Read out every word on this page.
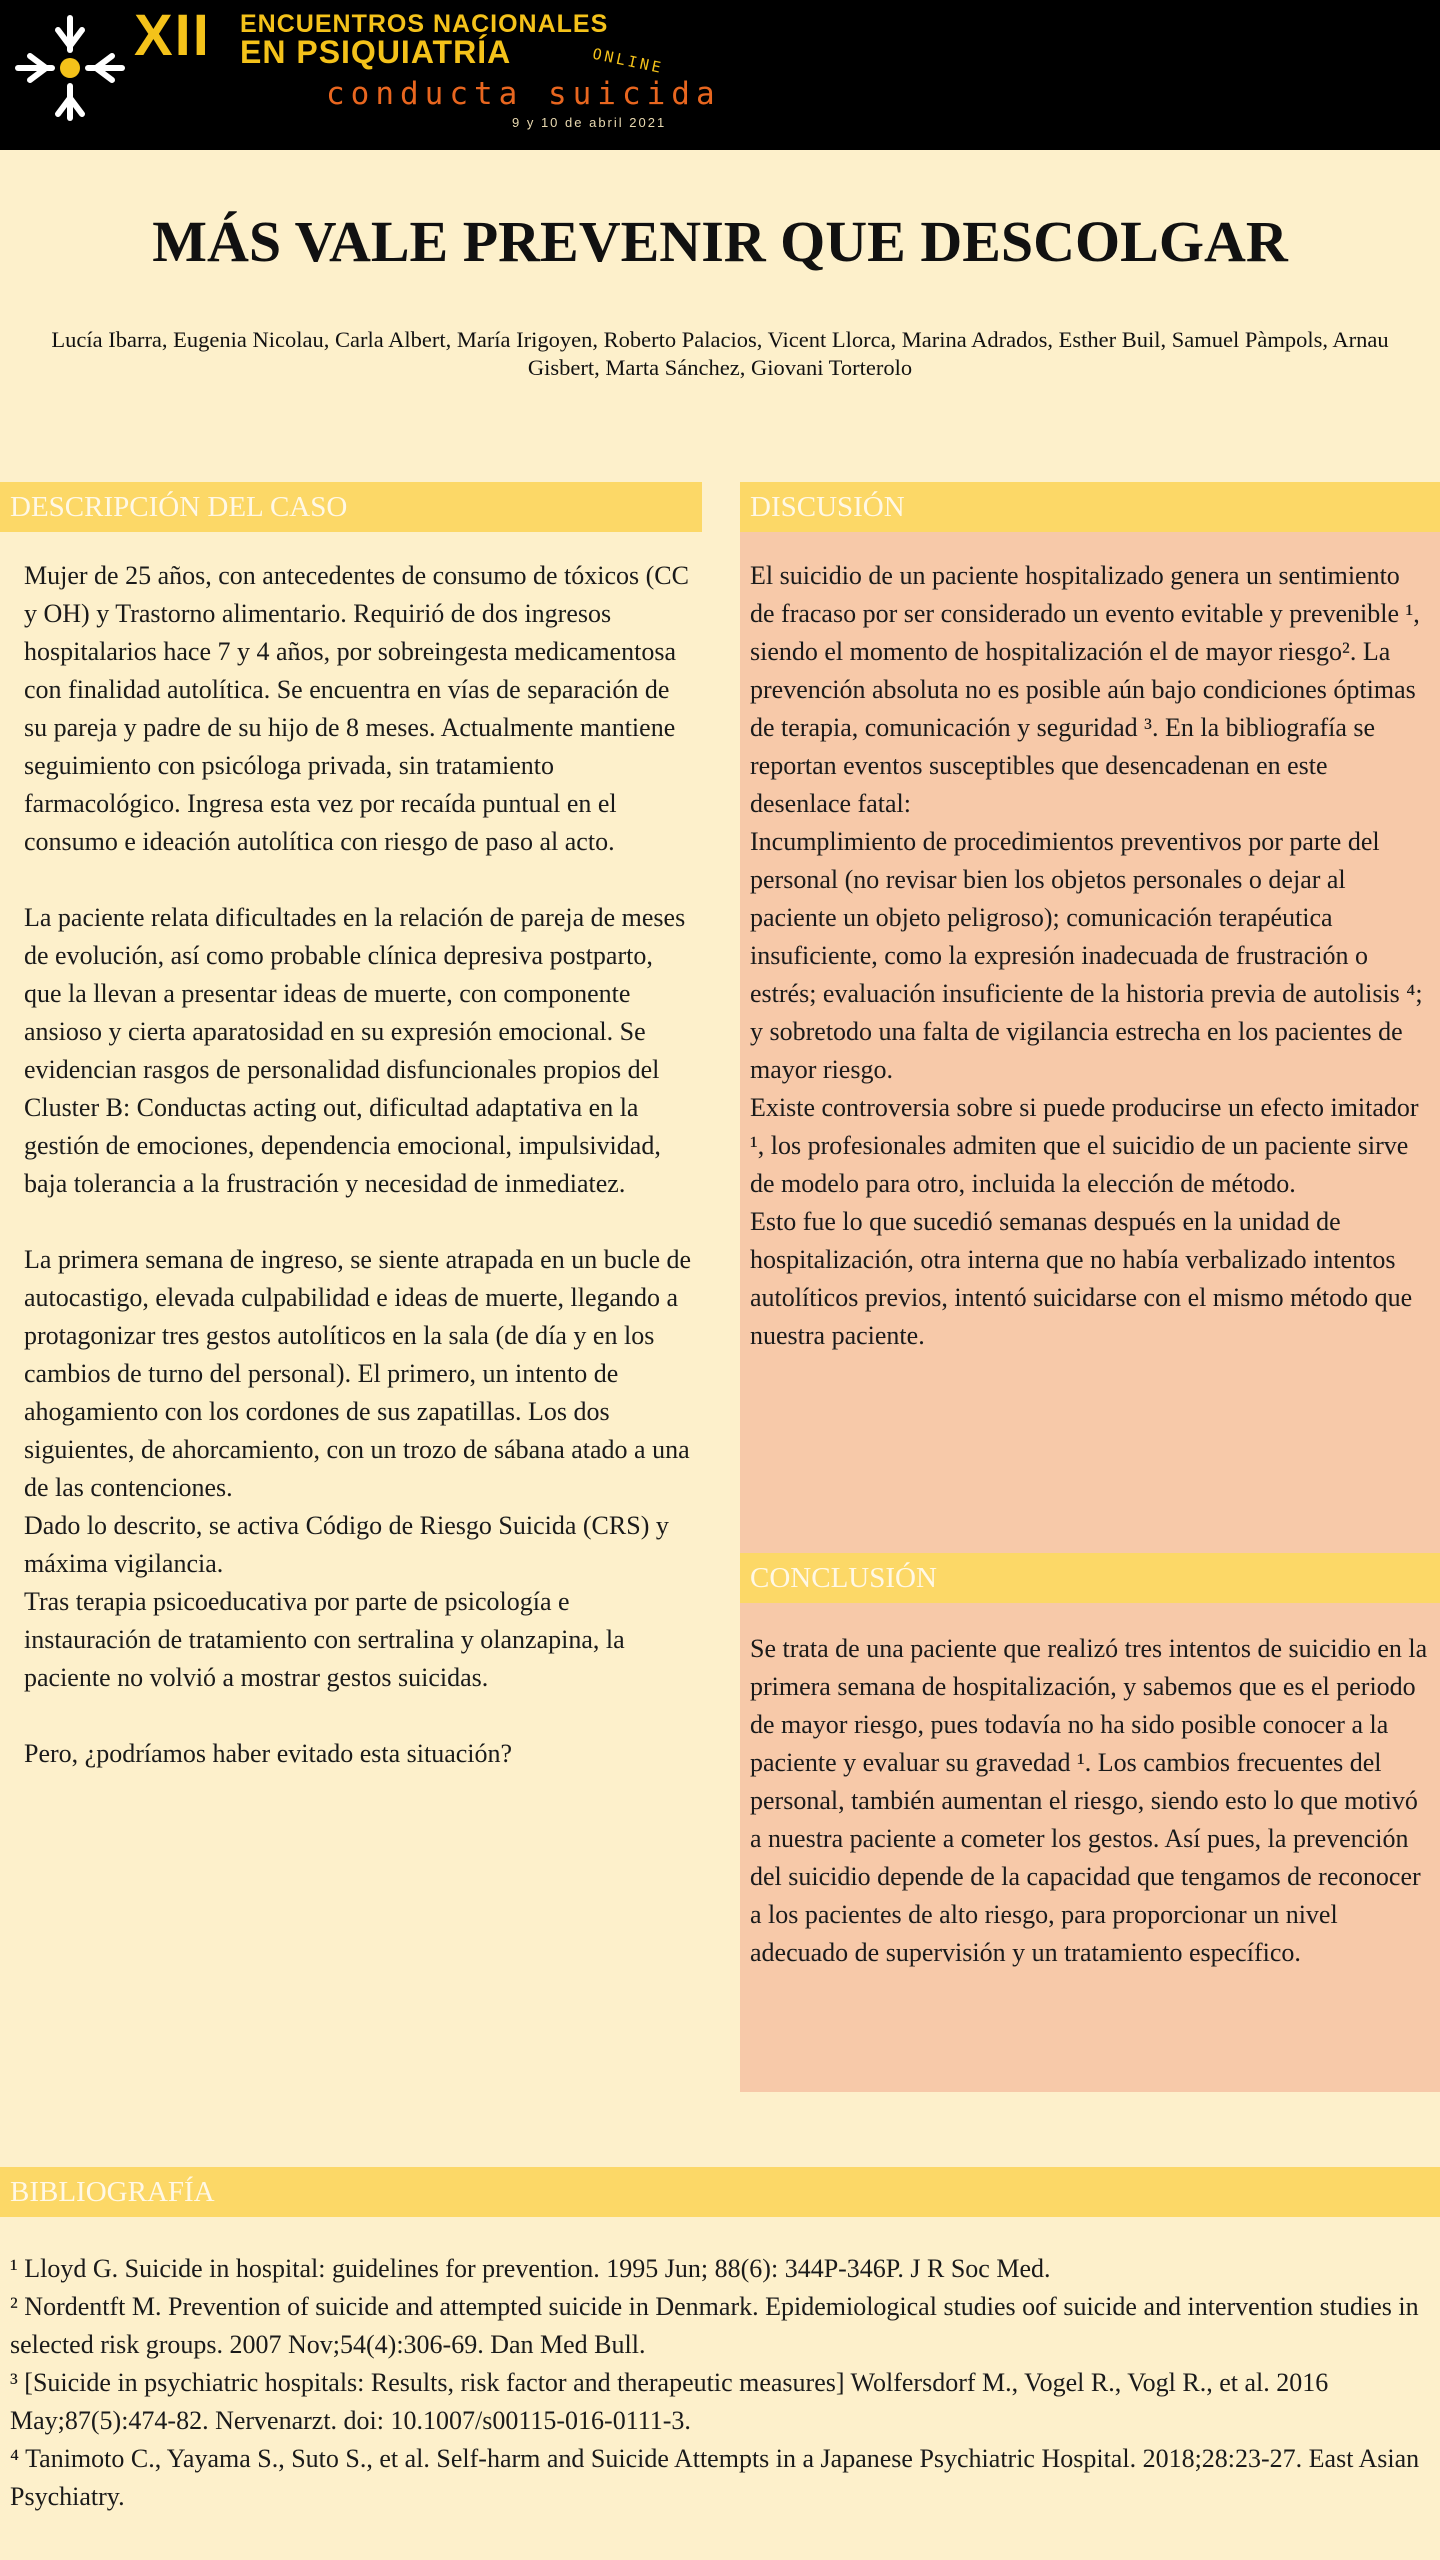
XII ENCUENTROS NACIONALES
EN PSIQUIATRÍA	ONLINE
conducta suicida
9 y 10 de abril 2021
MÁS VALE PREVENIR QUE DESCOLGAR
Lucía Ibarra, Eugenia Nicolau, Carla Albert, María Irigoyen, Roberto Palacios, Vicent Llorca, Marina Adrados, Esther Buil, Samuel Pàmpols, Arnau Gisbert, Marta Sánchez, Giovani Torterolo
DESCRIPCIÓN DEL CASO	DISCUSIÓN
CONCLUSIÓN
BIBLIOGRAFÍA

Mujer de 25 años, con antecedentes de consumo de tóxicos (CC y OH) y Trastorno alimentario. Requirió de dos ingresos hospitalarios hace 7 y 4 años, por sobreingesta medicamentosa con finalidad autolítica. Se encuentra en vías de separación de su pareja y padre de su hijo de 8 meses. Actualmente mantiene seguimiento con psicóloga privada, sin tratamiento farmacológico. Ingresa esta vez por recaída puntual en el consumo e ideación autolítica con riesgo de paso al acto.

La paciente relata dificultades en la relación de pareja de meses de evolución, así como probable clínica depresiva postparto, que la llevan a presentar ideas de muerte, con componente ansioso y cierta aparatosidad en su expresión emocional. Se evidencian rasgos de personalidad disfuncionales propios del Cluster B: Conductas acting out, dificultad adaptativa en la gestión de emociones, dependencia emocional, impulsividad, baja tolerancia a la frustración y necesidad de inmediatez.

La primera semana de ingreso, se siente atrapada en un bucle de autocastigo, elevada culpabilidad e ideas de muerte, llegando a protagonizar tres gestos autolíticos en la sala (de día y en los cambios de turno del personal). El primero, un intento de ahogamiento con los cordones de sus zapatillas. Los dos siguientes, de ahorcamiento, con un trozo de sábana atado a una de las contenciones.

Dado lo descrito, se activa Código de Riesgo Suicida (CRS) y máxima vigilancia.

Tras terapia psicoeducativa por parte de psicología e instauración de tratamiento con sertralina y olanzapina, la paciente no volvió a mostrar gestos suicidas.

Pero, ¿podríamos haber evitado esta situación?

El suicidio de un paciente hospitalizado genera un sentimiento de fracaso por ser considerado un evento evitable y prevenible ¹, siendo el momento de hospitalización el de mayor riesgo². La prevención absoluta no es posible aún bajo condiciones óptimas de terapia, comunicación y seguridad ³. En la bibliografía se reportan eventos susceptibles que desencadenan en este desenlace fatal:

Incumplimiento de procedimientos preventivos por parte del personal (no revisar bien los objetos personales o dejar al paciente un objeto peligroso); comunicación terapéutica insuficiente, como la expresión inadecuada de frustración o estrés; evaluación insuficiente de la historia previa de autolisis ⁴; y sobretodo una falta de vigilancia estrecha en los pacientes de mayor riesgo.

Existe controversia sobre si puede producirse un efecto imitador ¹, los profesionales admiten que el suicidio de un paciente sirve de modelo para otro, incluida la elección de método.

Esto fue lo que sucedió semanas después en la unidad de hospitalización, otra interna que no había verbalizado intentos autolíticos previos, intentó suicidarse con el mismo método que nuestra paciente.

Se trata de una paciente que realizó tres intentos de suicidio en la primera semana de hospitalización, y sabemos que es el periodo de mayor riesgo, pues todavía no ha sido posible conocer a la paciente y evaluar su gravedad ¹. Los cambios frecuentes del personal, también aumentan el riesgo, siendo esto lo que motivó a nuestra paciente a cometer los gestos. Así pues, la prevención del suicidio depende de la capacidad que tengamos de reconocer a los pacientes de alto riesgo, para proporcionar un nivel adecuado de supervisión y un tratamiento específico.

¹ Lloyd G. Suicide in hospital: guidelines for prevention. 1995 Jun; 88(6): 344P-346P. J R Soc Med.

² Nordentft M. Prevention of suicide and attempted suicide in Denmark. Epidemiological studies oof suicide and intervention studies in selected risk groups. 2007 Nov;54(4):306-69. Dan Med Bull.

³ [Suicide in psychiatric hospitals: Results, risk factor and therapeutic measures] Wolfersdorf M., Vogel R., Vogl R., et al. 2016 May;87(5):474-82. Nervenarzt. doi: 10.1007/s00115-016-0111-3.

⁴ Tanimoto C., Yayama S., Suto S., et al. Self-harm and Suicide Attempts in a Japanese Psychiatric Hospital. 2018;28:23-27. East Asian Psychiatry.
